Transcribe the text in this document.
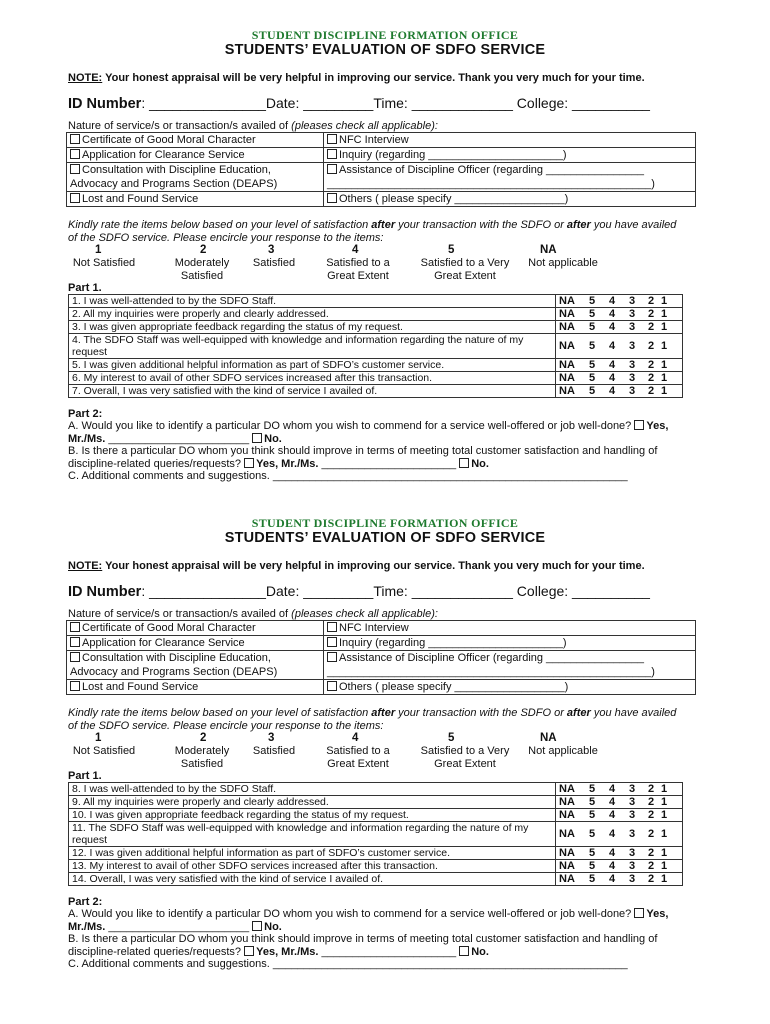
STUDENT DISCIPLINE FORMATION OFFICE
STUDENTS’ EVALUATION OF SDFO SERVICE
NOTE: Your honest appraisal will be very helpful in improving our service. Thank you very much for your time.
ID Number: _______________Date: _________Time: _____________ College: __________
Nature of service/s or transaction/s availed of (pleases check all applicable):
Certificate of Good Moral Character	NFC Interview
Application for Clearance Service	Inquiry (regarding ______________________)
Consultation with Discipline Education,	Assistance of Discipline Officer (regarding ________________
Advocacy and Programs Section (DEAPS)	_____________________________________________________)
Lost and Found Service	Others ( please specify __________________)
Kindly rate the items below based on your level of satisfaction after your transaction with the SDFO or after you have availed of the SDFO service. Please encircle your response to the items:
1	2	3	4	5	NA
Not Satisfied	Moderately Satisfied
Satisfied	Satisfied to a Great Extent
Satisfied to a Very Great Extent
Not applicable
Part 1.
1. I was well-attended to by the SDFO Staff.	NA 5 4 3 2 1
2. All my inquiries were properly and clearly addressed.	NA 5 4 3 2 1
3. I was given appropriate feedback regarding the status of my request.	NA 5 4 3 2 1
4. The SDFO Staff was well-equipped with knowledge and information regarding the nature of my request	NA 5 4 3 2 1
5. I was given additional helpful information as part of SDFO’s customer service.	NA 5 4 3 2 1
6. My interest to avail of other SDFO services increased after this transaction.	NA 5 4 3 2 1
7. Overall, I was very satisfied with the kind of service I availed of.	NA 5 4 3 2 1
Part 2:
A. Would you like to identify a particular DO whom you wish to commend for a service well-offered or job well-done? Yes, Mr./Ms. _______________________ No.
B. Is there a particular DO whom you think should improve in terms of meeting total customer satisfaction and handling of discipline-related queries/requests? Yes, Mr./Ms. ______________________ No.
C. Additional comments and suggestions. __________________________________________________________
STUDENT DISCIPLINE FORMATION OFFICE
STUDENTS’ EVALUATION OF SDFO SERVICE
NOTE: Your honest appraisal will be very helpful in improving our service. Thank you very much for your time.
ID Number: _______________Date: _________Time: _____________ College: __________
Nature of service/s or transaction/s availed of (pleases check all applicable):
Certificate of Good Moral Character	NFC Interview
Application for Clearance Service	Inquiry (regarding ______________________)
Consultation with Discipline Education,	Assistance of Discipline Officer (regarding ________________
Advocacy and Programs Section (DEAPS)	_____________________________________________________)
Lost and Found Service	Others ( please specify __________________)
Kindly rate the items below based on your level of satisfaction after your transaction with the SDFO or after you have availed of the SDFO service. Please encircle your response to the items:
1	2	3	4	5	NA
Not Satisfied	Moderately Satisfied
Satisfied	Satisfied to a Great Extent
Satisfied to a Very Great Extent
Not applicable
Part 1.
8. I was well-attended to by the SDFO Staff.	NA 5 4 3 2 1
9. All my inquiries were properly and clearly addressed.	NA 5 4 3 2 1
10. I was given appropriate feedback regarding the status of my request.	NA 5 4 3 2 1
11. The SDFO Staff was well-equipped with knowledge and information regarding the nature of my request	NA 5 4 3 2 1
12. I was given additional helpful information as part of SDFO’s customer service.	NA 5 4 3 2 1
13. My interest to avail of other SDFO services increased after this transaction.	NA 5 4 3 2 1
14. Overall, I was very satisfied with the kind of service I availed of.	NA 5 4 3 2 1
Part 2:
A. Would you like to identify a particular DO whom you wish to commend for a service well-offered or job well-done? Yes, Mr./Ms. _______________________ No.
B. Is there a particular DO whom you think should improve in terms of meeting total customer satisfaction and handling of discipline-related queries/requests? Yes, Mr./Ms. ______________________ No.
C. Additional comments and suggestions. __________________________________________________________
